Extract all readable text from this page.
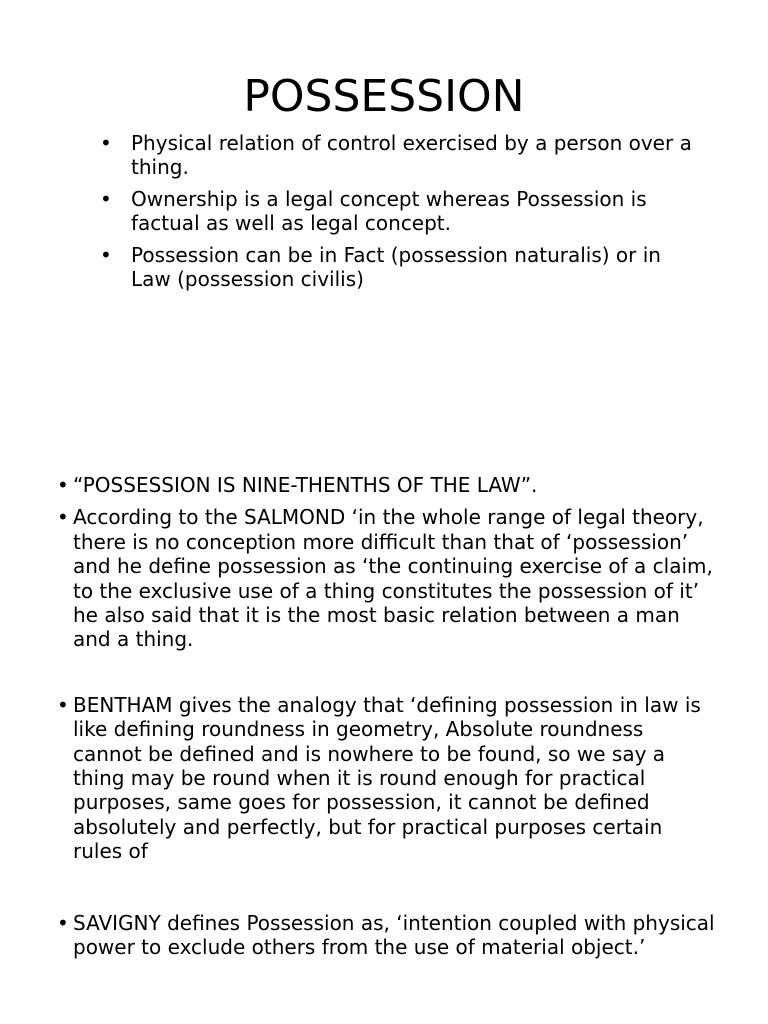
POSSESSION
• Physical relation of control exercised by a person over a thing.
• Ownership is a legal concept whereas Possession is factual as well as legal concept.
• Possession can be in Fact (possession naturalis) or in Law (possession civilis)
• “POSSESSION IS NINE-THENTHS OF THE LAW”.
• According to the SALMOND ‘in the whole range of legal theory, there is no conception more difficult than that of ‘possession’ and he define possession as ‘the continuing exercise of a claim, to the exclusive use of a thing constitutes the possession of it’ he also said that it is the most basic relation between a man and a thing.
• BENTHAM gives the analogy that ‘defining possession in law is like defining roundness in geometry, Absolute roundness cannot be defined and is nowhere to be found, so we say a thing may be round when it is round enough for practical purposes, same goes for possession, it cannot be defined absolutely and perfectly, but for practical purposes certain rules of
• SAVIGNY defines Possession as, ‘intention coupled with physical power to exclude others from the use of material object.’
